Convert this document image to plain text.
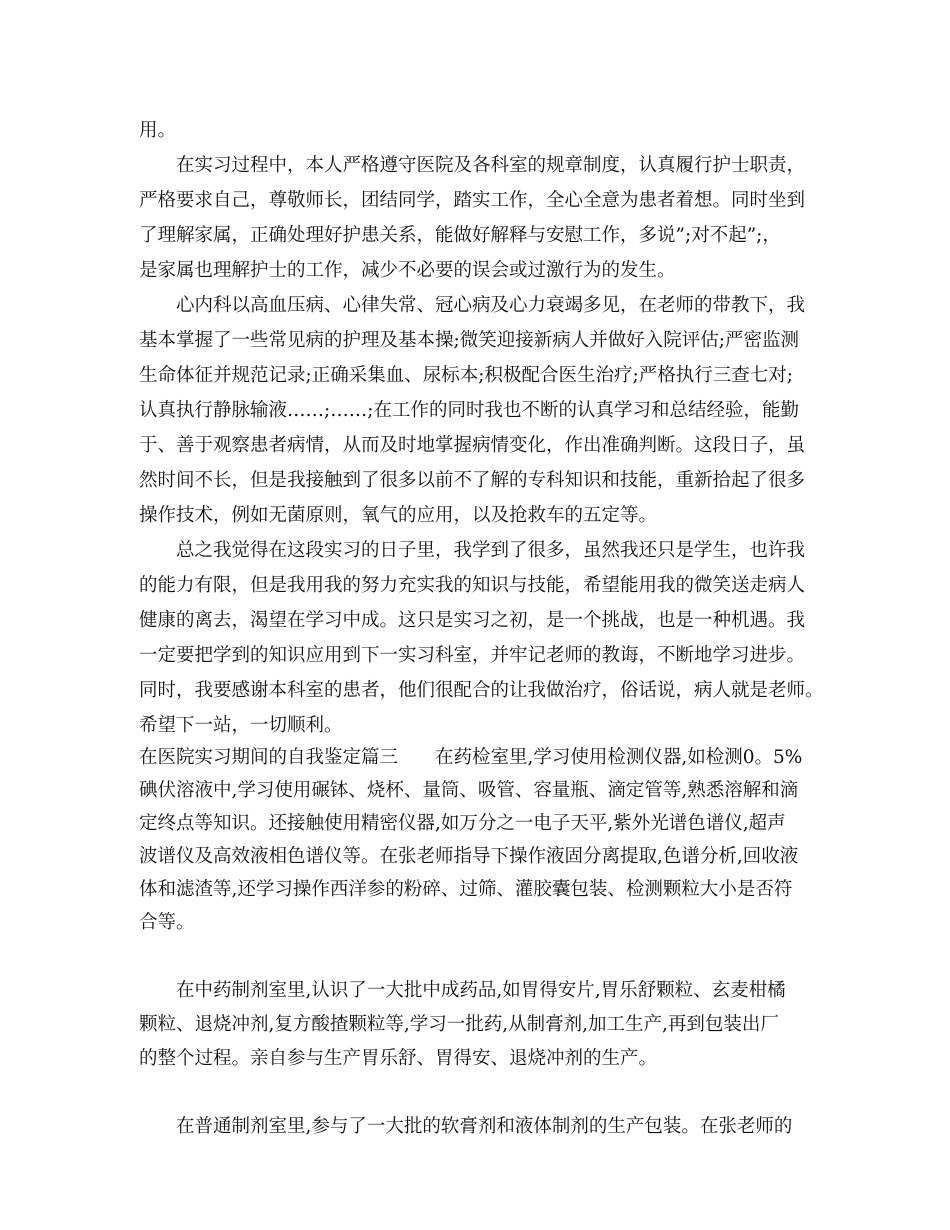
用。
在实习过程中，本人严格遵守医院及各科室的规章制度，认真履行护士职责，
严格要求自己，尊敬师长，团结同学，踏实工作，全心全意为患者着想。同时坐到
了理解家属，正确处理好护患关系，能做好解释与安慰工作，多说”;对不起”;，
是家属也理解护士的工作，减少不必要的误会或过激行为的发生。
心内科以高血压病、心律失常、冠心病及心力衰竭多见，在老师的带教下，我
基本掌握了一些常见病的护理及基本操;微笑迎接新病人并做好入院评估;严密监测
生命体征并规范记录;正确采集血、尿标本;积极配合医生治疗;严格执行三查七对;
认真执行静脉输液……;……;在工作的同时我也不断的认真学习和总结经验，能勤
于、善于观察患者病情，从而及时地掌握病情变化，作出准确判断。这段日子，虽
然时间不长，但是我接触到了很多以前不了解的专科知识和技能，重新拾起了很多
操作技术，例如无菌原则，氧气的应用，以及抢救车的五定等。
总之我觉得在这段实习的日子里，我学到了很多，虽然我还只是学生，也许我
的能力有限，但是我用我的努力充实我的知识与技能，希望能用我的微笑送走病人
健康的离去，渴望在学习中成。这只是实习之初，是一个挑战，也是一种机遇。我
一定要把学到的知识应用到下一实习科室，并牢记老师的教诲，不断地学习进步。
同时，我要感谢本科室的患者，他们很配合的让我做治疗，俗话说，病人就是老师。
希望下一站，一切顺利。
在医院实习期间的自我鉴定篇三　　在药检室里,学习使用检测仪器,如检测0。5%
碘伏溶液中,学习使用碾钵、烧杯、量筒、吸管、容量瓶、滴定管等,熟悉溶解和滴
定终点等知识。还接触使用精密仪器,如万分之一电子天平,紫外光谱色谱仪,超声
波谱仪及高效液相色谱仪等。在张老师指导下操作液固分离提取,色谱分析,回收液
体和滤渣等,还学习操作西洋参的粉碎、过筛、灌胶囊包装、检测颗粒大小是否符
合等。
在中药制剂室里,认识了一大批中成药品,如胃得安片,胃乐舒颗粒、玄麦柑橘
颗粒、退烧冲剂,复方酸揸颗粒等,学习一批药,从制膏剂,加工生产,再到包装出厂
的整个过程。亲自参与生产胃乐舒、胃得安、退烧冲剂的生产。
在普通制剂室里,参与了一大批的软膏剂和液体制剂的生产包装。在张老师的
